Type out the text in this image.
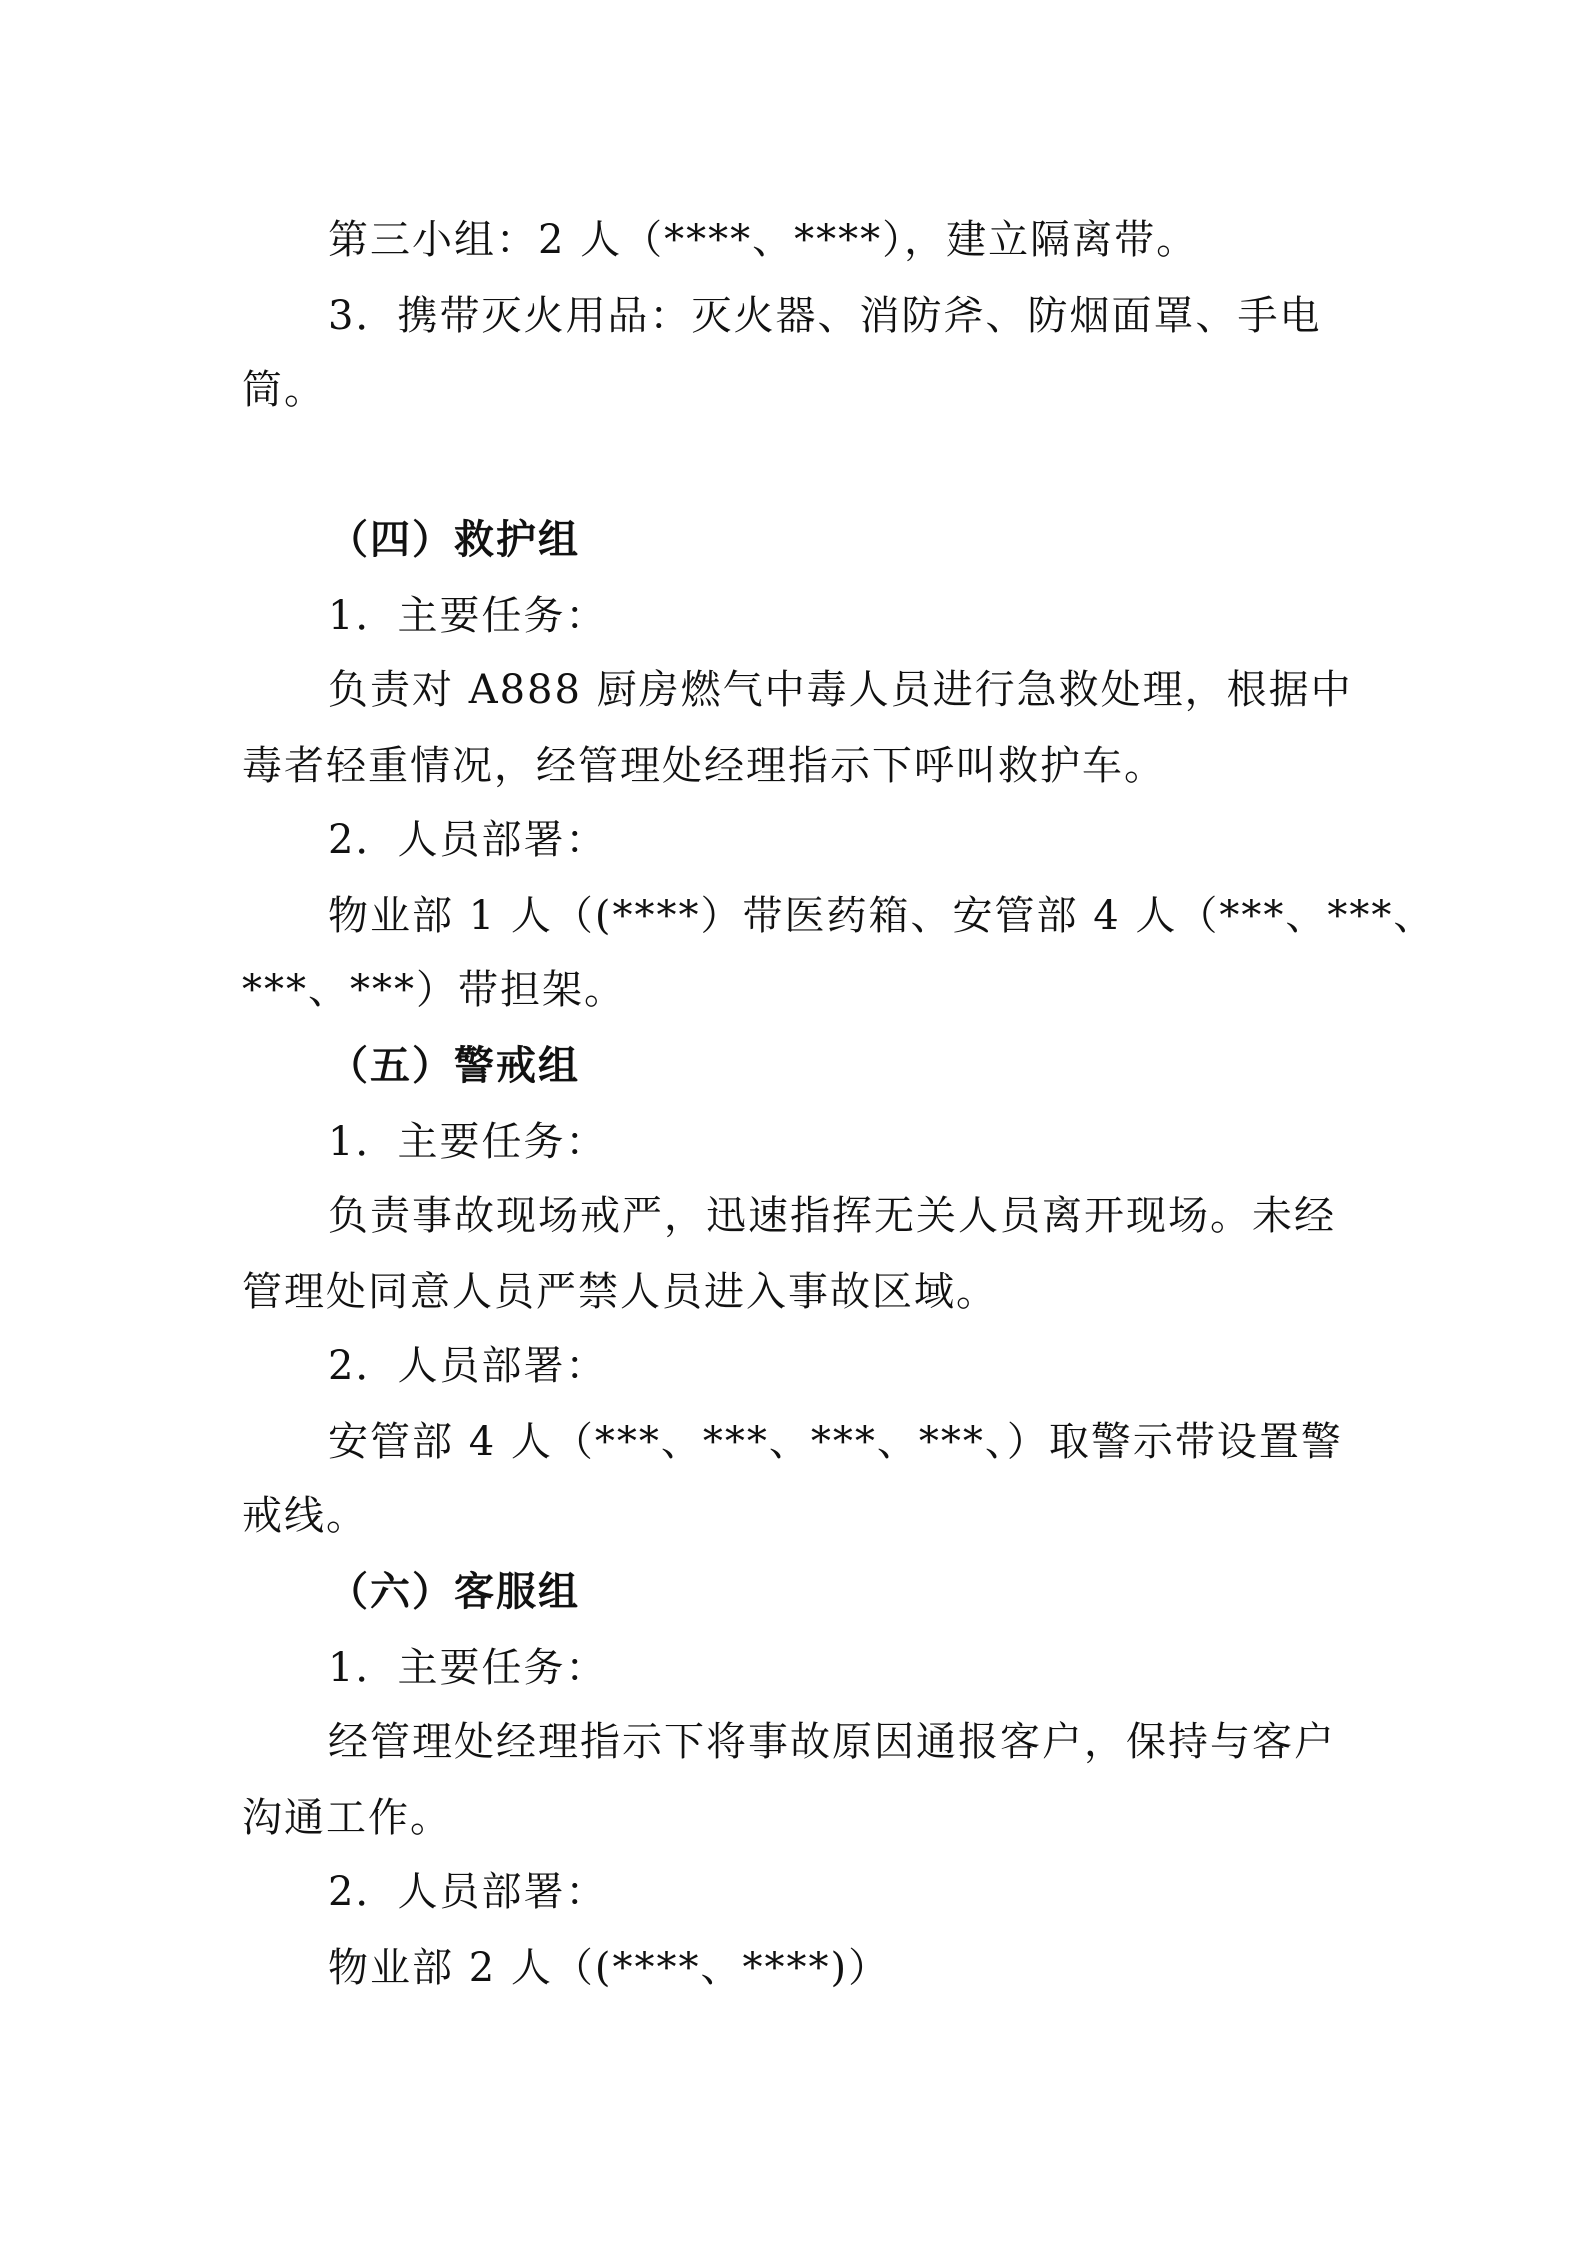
第三小组：2 人（****、****），建立隔离带。
3．携带灭火用品：灭火器、消防斧、防烟面罩、手电
筒。
（四）救护组
1．主要任务：
负责对 A888 厨房燃气中毒人员进行急救处理，根据中
毒者轻重情况，经管理处经理指示下呼叫救护车。
2．人员部署：
物业部 1 人（(****）带医药箱、安管部 4 人（***、***、
***、***）带担架。
（五）警戒组
1．主要任务：
负责事故现场戒严，迅速指挥无关人员离开现场。未经
管理处同意人员严禁人员进入事故区域。
2．人员部署：
安管部 4 人（***、***、***、***、）取警示带设置警
戒线。
（六）客服组
1．主要任务：
经管理处经理指示下将事故原因通报客户，保持与客户
沟通工作。
2．人员部署：
物业部 2 人（(****、****)）
